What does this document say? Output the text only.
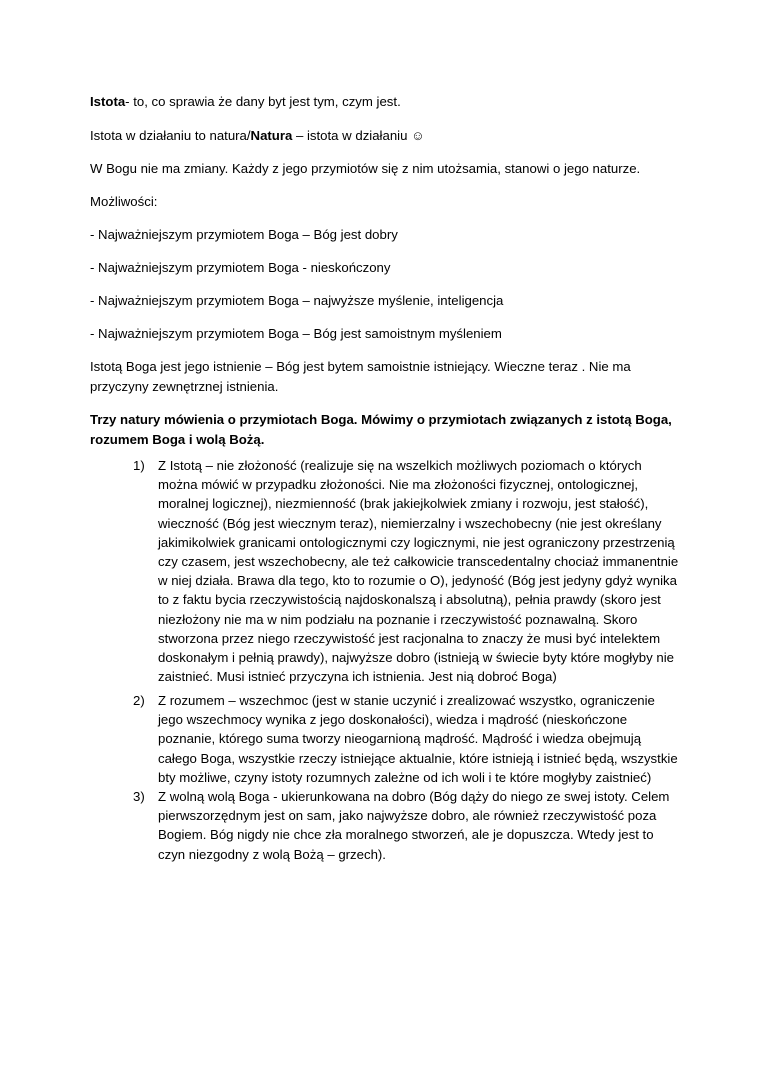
Istota- to, co sprawia że dany byt jest tym, czym jest.
Istota w działaniu to natura/Natura – istota w działaniu ☺
W Bogu nie ma zmiany. Każdy z jego przymiotów się z nim utożsamia, stanowi o jego naturze.
Możliwości:
- Najważniejszym przymiotem Boga – Bóg jest dobry
- Najważniejszym przymiotem Boga - nieskończony
- Najważniejszym przymiotem Boga – najwyższe myślenie, inteligencja
- Najważniejszym przymiotem Boga – Bóg jest samoistnym myśleniem
Istotą Boga jest jego istnienie – Bóg jest bytem samoistnie istniejący. Wieczne teraz . Nie ma przyczyny zewnętrznej istnienia.
Trzy natury mówienia o przymiotach Boga. Mówimy o przymiotach związanych z istotą Boga, rozumem Boga i wolą Bożą.
1) Z Istotą – nie złożoność (realizuje się na wszelkich możliwych poziomach o których można mówić w przypadku złożoności. Nie ma złożoności fizycznej, ontologicznej, moralnej logicznej), niezmienność (brak jakiejkolwiek zmiany i rozwoju, jest stałość), wieczność (Bóg jest wiecznym teraz), niemierzalny i wszechobecny (nie jest określany jakimikolwiek granicami ontologicznymi czy logicznymi, nie jest ograniczony przestrzenią czy czasem, jest wszechobecny, ale też całkowicie transcedentalny chociaż immanentnie w niej działa. Brawa dla tego, kto to rozumie o O), jedyność (Bóg jest jedyny gdyż wynika to z faktu bycia rzeczywistością najdoskonalszą i absolutną), pełnia prawdy (skoro jest niezłożony nie ma w nim podziału na poznanie i rzeczywistość poznawalną. Skoro stworzona przez niego rzeczywistość jest racjonalna to znaczy że musi być intelektem doskonałym i pełnią prawdy), najwyższe dobro (istnieją w świecie byty które mogłyby nie zaistnieć. Musi istnieć przyczyna ich istnienia. Jest nią dobroć Boga)
2) Z rozumem – wszechmoc (jest w stanie uczynić i zrealizować wszystko, ograniczenie jego wszechmocy wynika z jego doskonałości), wiedza i mądrość (nieskończone poznanie, którego suma tworzy nieogarnioną mądrość. Mądrość i wiedza obejmują całego Boga, wszystkie rzeczy istniejące aktualnie, które istnieją i istnieć będą, wszystkie bty możliwe, czyny istoty rozumnych zależne od ich woli i te które mogłyby zaistnieć)
3) Z wolną wolą Boga - ukierunkowana na dobro (Bóg dąży do niego ze swej istoty. Celem pierwszorzędnym jest on sam, jako najwyższe dobro, ale również rzeczywistość poza Bogiem. Bóg nigdy nie chce zła moralnego stworzeń, ale je dopuszcza. Wtedy jest to czyn niezgodny z wolą Bożą – grzech).
